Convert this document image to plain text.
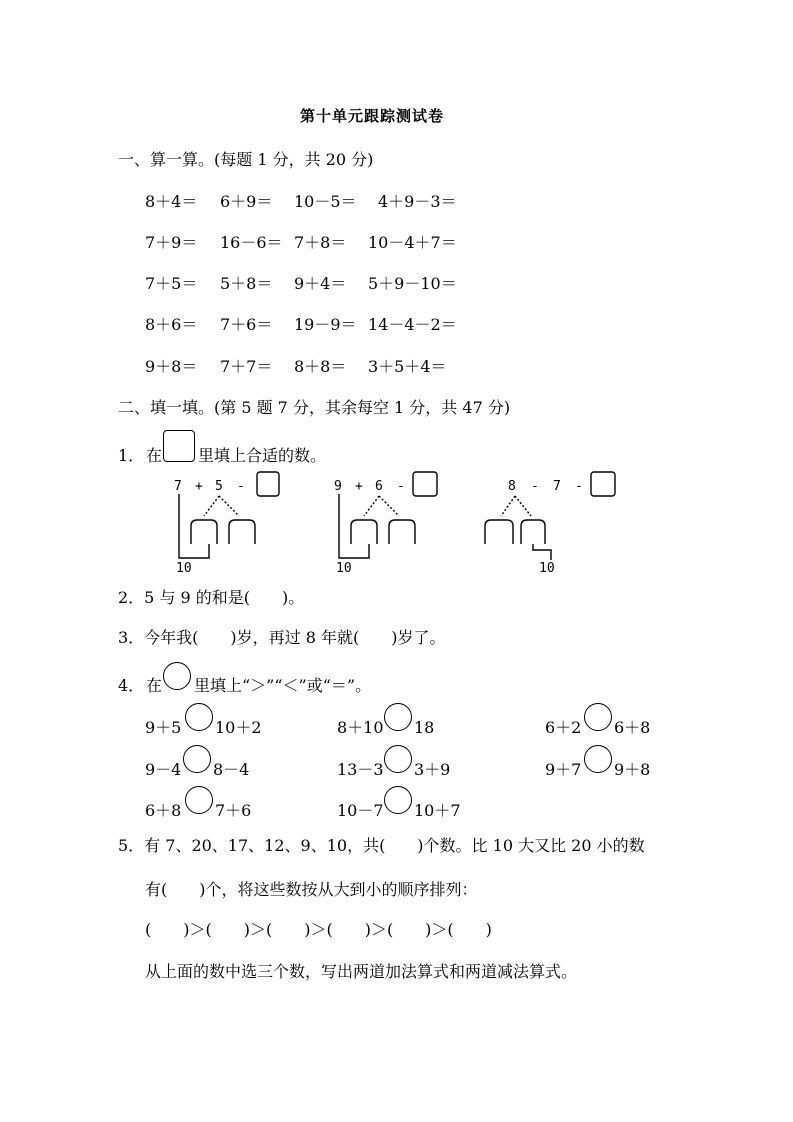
第十单元跟踪测试卷
一、算一算。(每题 1 分，共 20 分)
8＋4＝ 6＋9＝ 10－5＝ 4＋9－3＝
7＋9＝ 16－6＝ 7＋8＝ 10－4＋7＝
7＋5＝ 5＋8＝ 9＋4＝ 5＋9－10＝
8＋6＝ 7＋6＝ 19－9＝ 14－4－2＝
9＋8＝ 7＋7＝ 8＋8＝ 3＋5＋4＝
二、填一填。(第 5 题 7 分，其余每空 1 分，共 47 分)
1． 在 里填上合适的数。
7 + 5 -
10
9 + 6 -
10
8 - 7 -
10
2．5 与 9 的和是(　　)。
3．今年我(　　)岁，再过 8 年就(　　)岁了。
4． 在 里填上“＞”“＜”或“＝”。
9＋5 10＋2	8＋10 18	6＋2 6＋8
9－4 8－4	13－3 3＋9	9＋7 9＋8
6＋8 7＋6	10－7 10＋7
5．有 7、20、17、12、9、10，共(　　)个数。比 10 大又比 20 小的数
有(　　)个，将这些数按从大到小的顺序排列：
(　　)＞(　　)＞(　　)＞(　　)＞(　　)＞(　　)
从上面的数中选三个数，写出两道加法算式和两道减法算式。
